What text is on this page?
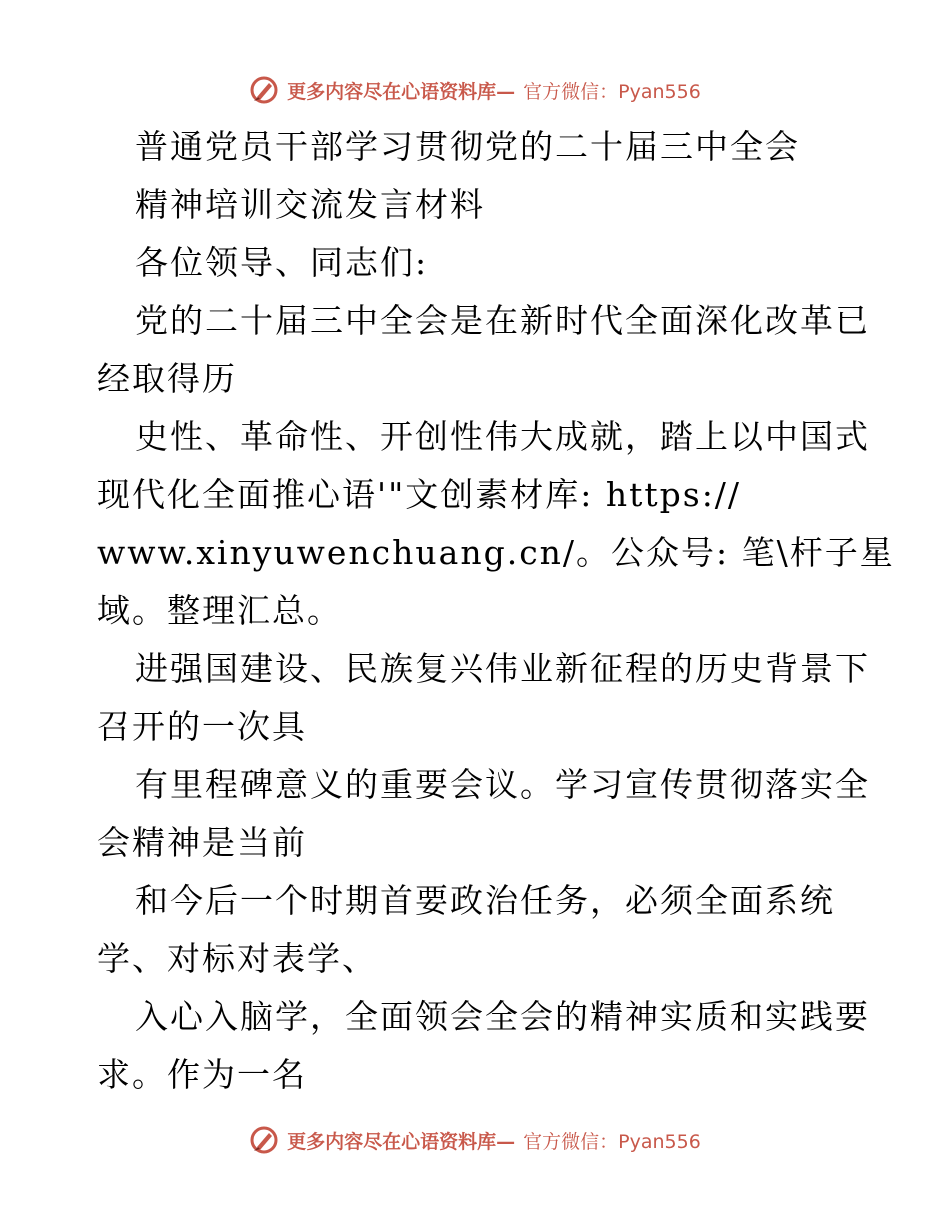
更多内容尽在心语资料库— 官方微信：Pyan556
普通党员干部学习贯彻党的二十届三中全会
精神培训交流发言材料
各位领导、同志们:
党的二十届三中全会是在新时代全面深化改革已
经取得历
史性、革命性、开创性伟大成就，踏上以中国式
现代化全面推心语'"文创素材库: https://
www.xinyuwenchuang.cn/。公众号: 笔\杆子星
域。整理汇总。
进强国建设、民族复兴伟业新征程的历史背景下
召开的一次具
有里程碑意义的重要会议。学习宣传贯彻落实全
会精神是当前
和今后一个时期首要政治任务，必须全面系统
学、对标对表学、
入心入脑学，全面领会全会的精神实质和实践要
求。作为一名
更多内容尽在心语资料库— 官方微信：Pyan556
